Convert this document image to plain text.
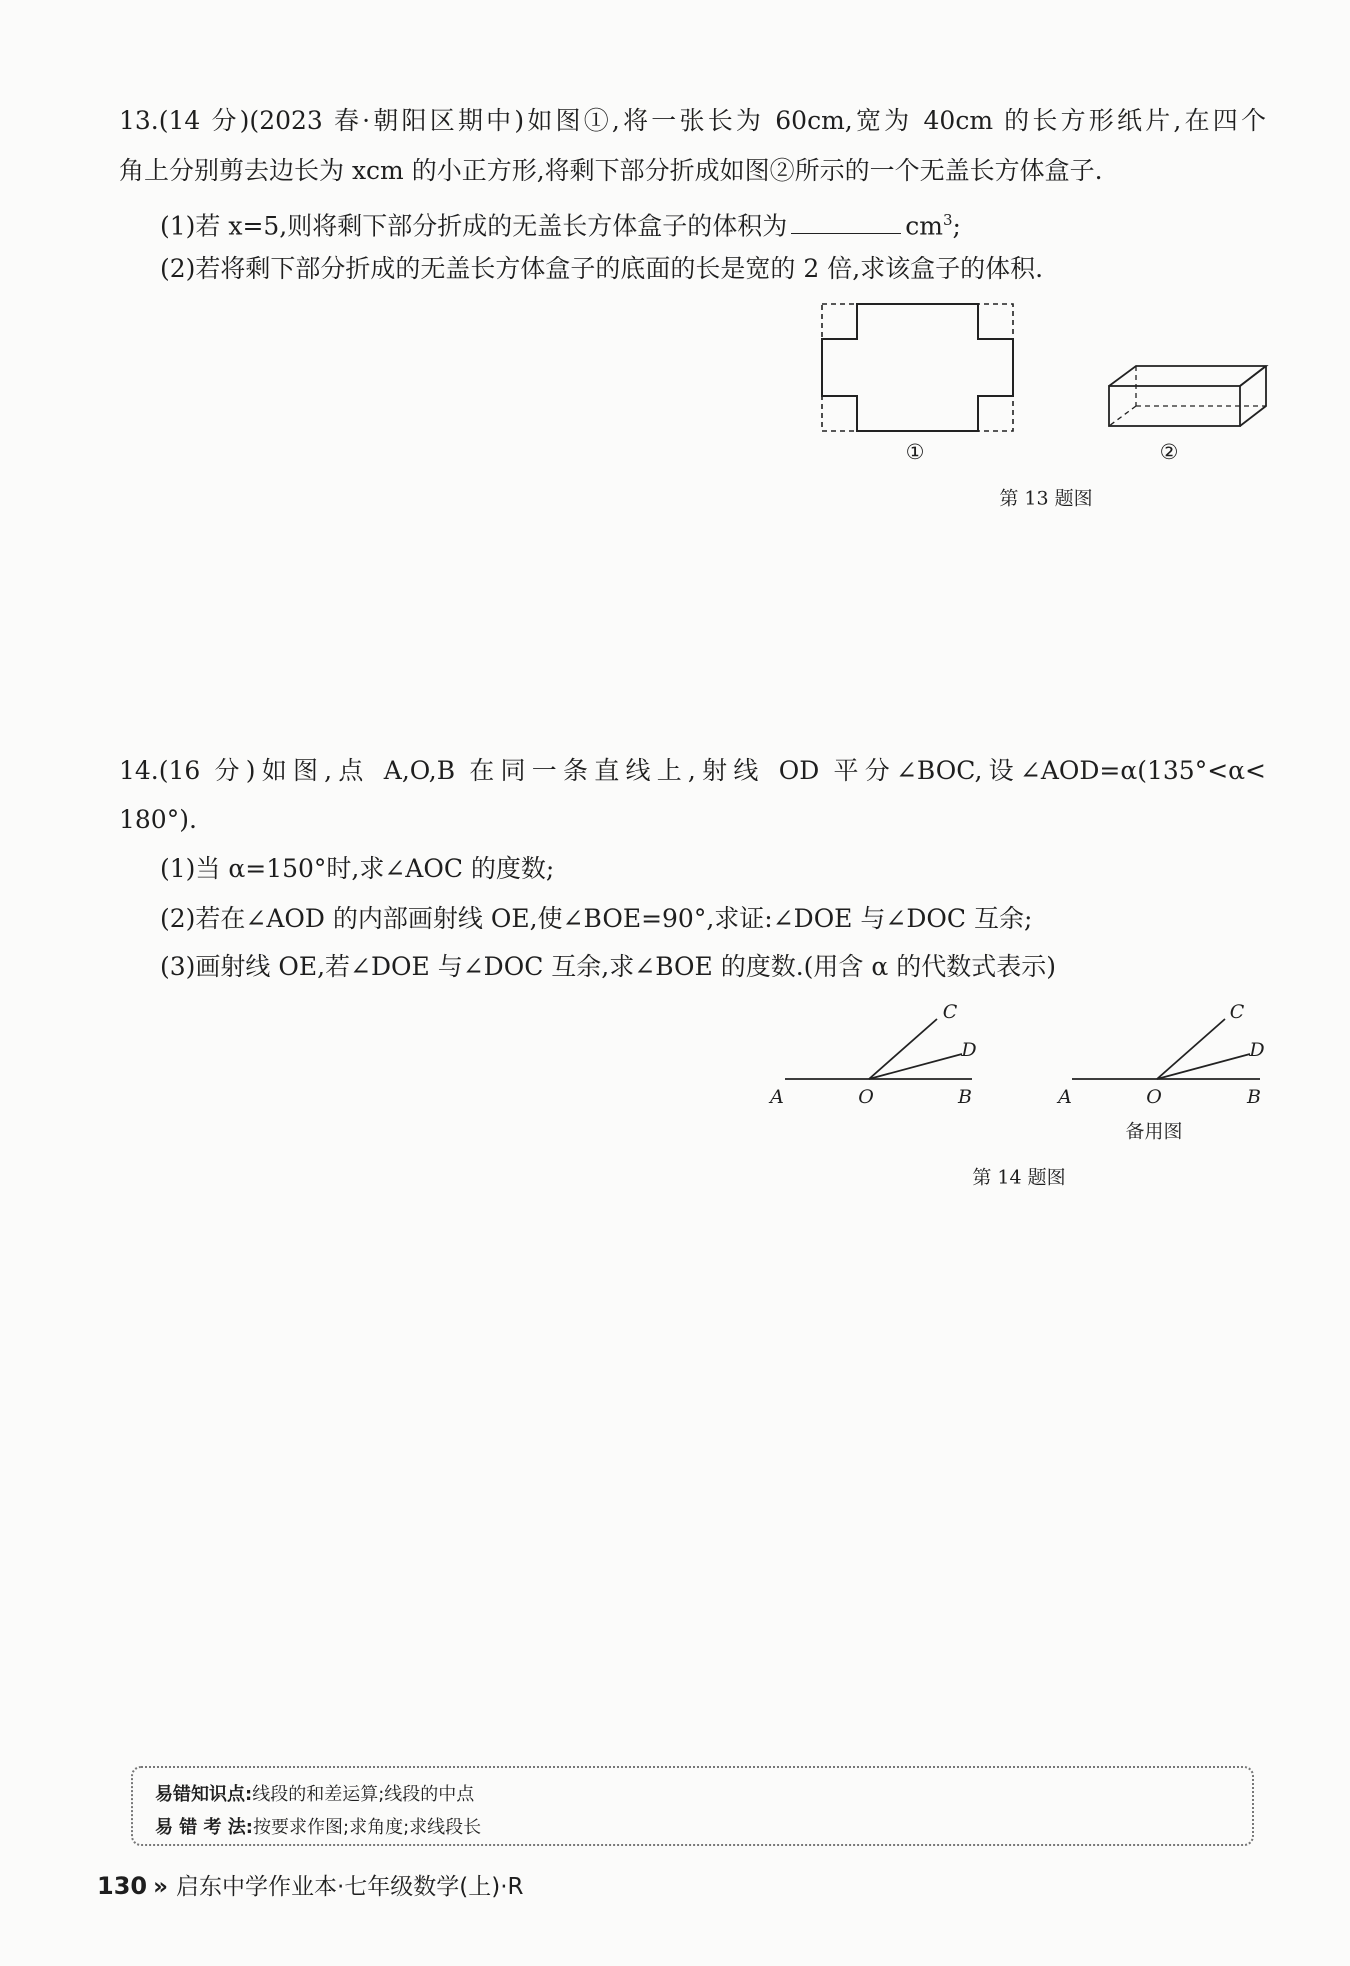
13.(14 分)(2023 春·朝阳区期中)如图①,将一张长为 60cm,宽为 40cm 的长方形纸片,在四个
角上分别剪去边长为 xcm 的小正方形,将剩下部分折成如图②所示的一个无盖长方体盒子.
(1)若 x=5,则将剩下部分折成的无盖长方体盒子的体积为	$cm^3$;
(2)若将剩下部分折成的无盖长方体盒子的底面的长是宽的 2 倍,求该盒子的体积.
①	②
第 13 题图
14.(16 分)如图,点 A,O,B 在同一条直线上,射线 OD 平分∠BOC,设∠AOD=α(135°<α<
180°).
(1)当 α=150°时,求∠AOC 的度数;
(2)若在∠AOD 的内部画射线 OE,使∠BOE=90°,求证:∠DOE 与∠DOC 互余;
(3)画射线 OE,若∠DOE 与∠DOC 互余,求∠BOE 的度数.(用含 α 的代数式表示)
A	O	B
C
D
A	O	B
C
D
备用图
第 14 题图
易错知识点:线段的和差运算;线段的中点
易 错 考 法:按要求作图;求角度;求线段长
130 » 启东中学作业本·七年级数学(上)·R
